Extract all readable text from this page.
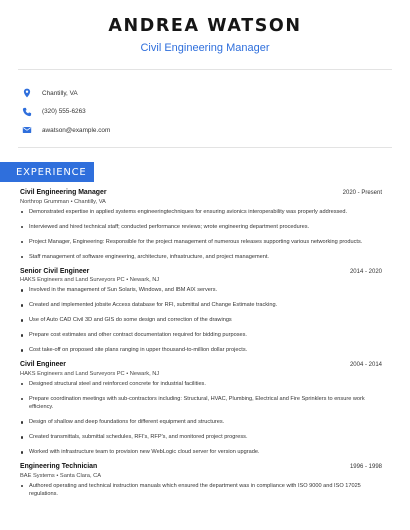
ANDREA WATSON
Civil Engineering Manager
Chantilly, VA
(320) 555-6263
awatson@example.com
EXPERIENCE
Civil Engineering Manager	2020 - Present
Northrop Grumman • Chantilly, VA
Demonstrated expertise in applied systems engineeringtechniques for ensuring avionics interoperability was properly addressed.
Interviewed and hired technical staff; conducted performance reviews; wrote engineering department procedures.
Project Manager, Engineering: Responsible for the project management of numerous releases supporting various networking products.
Staff management of software engineering, architecture, infrastructure, and project management.
Senior Civil Engineer	2014 - 2020
HAKS Engineers and Land Surveyors PC • Newark, NJ
Involved in the management of Sun Solaris, Windows, and IBM AIX servers.
Created and implemented jobsite Access database for RFI, submittal and Change Estimate tracking.
Use of Auto CAD Civil 3D and GIS do some design and correction of the drawings
Prepare cost estimates and other contract documentation required for bidding purposes.
Cost take-off on proposed site plans ranging in upper thousand-to-million dollar projects.
Civil Engineer	2004 - 2014
HAKS Engineers and Land Surveyors PC • Newark, NJ
Designed structural steel and reinforced concrete for industrial facilities.
Prepare coordination meetings with sub-contractors including: Structural, HVAC, Plumbing, Electrical and Fire Sprinklers to ensure work efficiency.
Design of shallow and deep foundations for different equipment and structures.
Created transmittals, submittal schedules, RFI's, RFP's, and monitored project progress.
Worked with infrastructure team to provision new WebLogic cloud server for version upgrade.
Engineering Technician	1996 - 1998
BAE Systems • Santa Clara, CA
Authored operating and technical instruction manuals which ensured the department was in compliance with ISO 9000 and ISO 17025 regulations.
